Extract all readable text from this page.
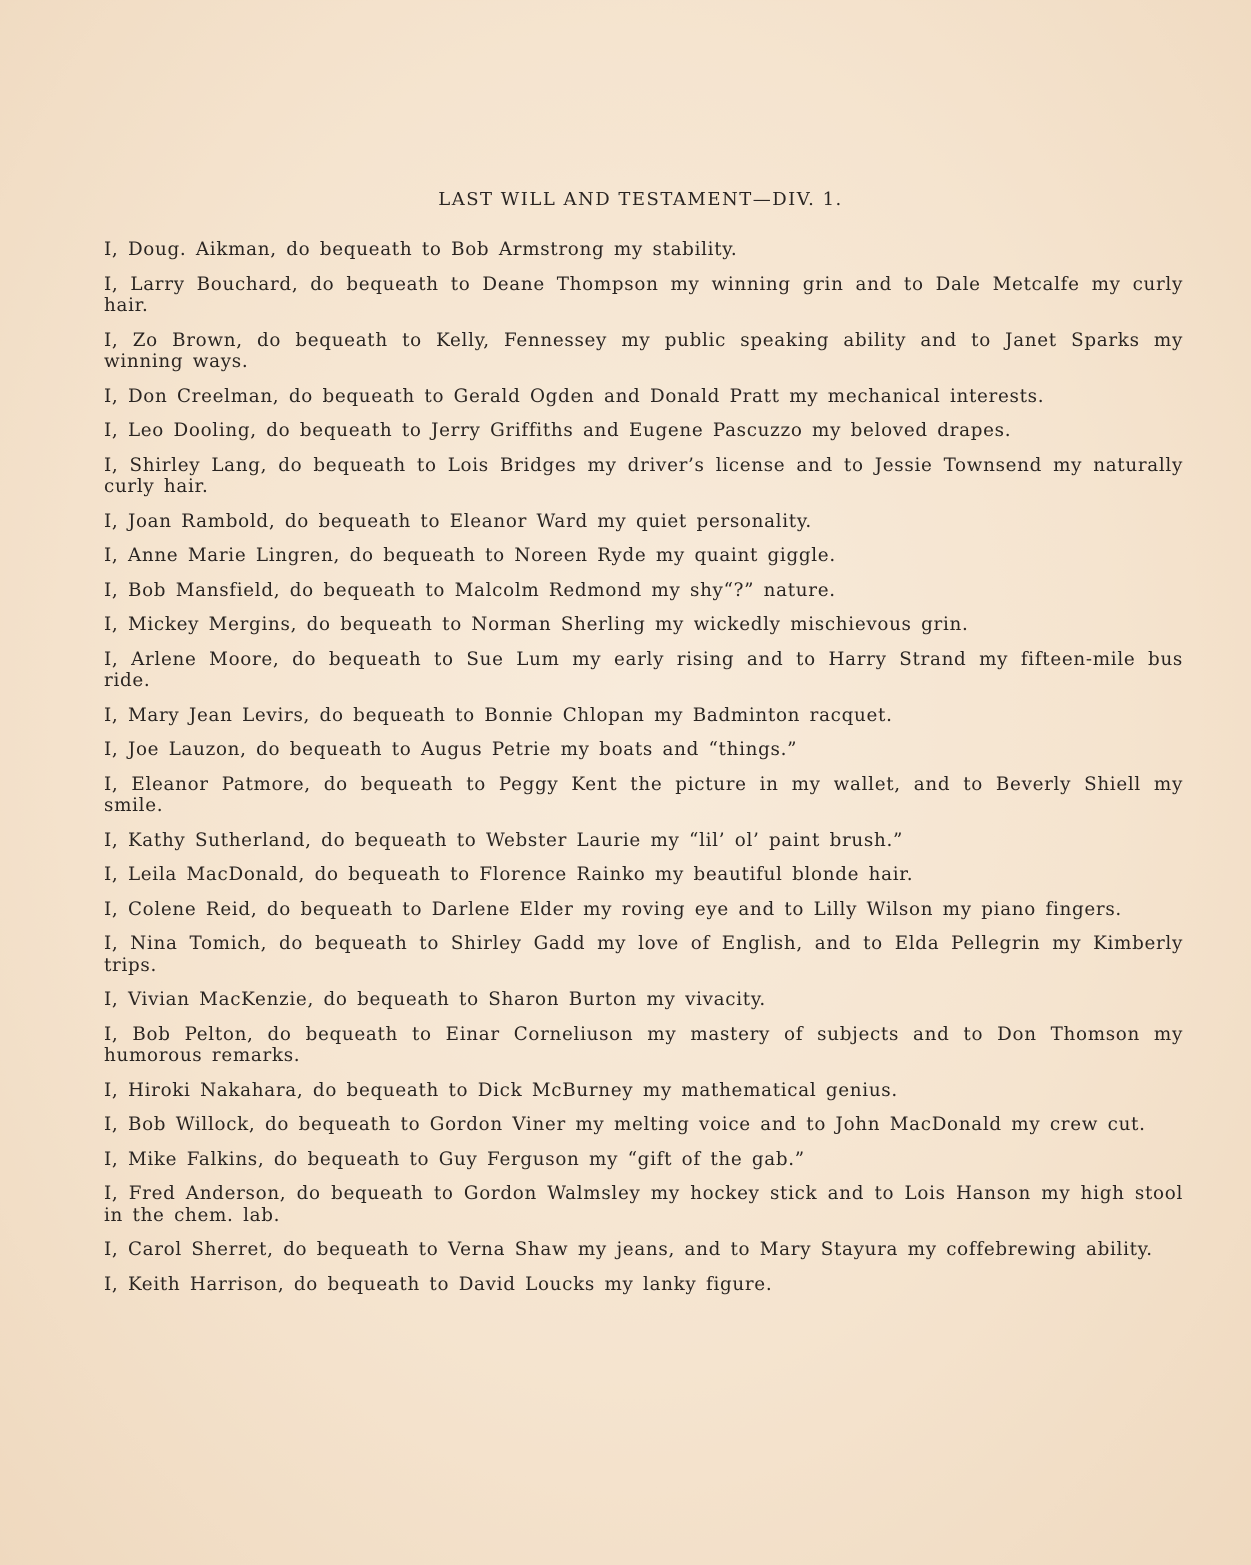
LAST WILL AND TESTAMENT—DIV. 1.
I, Doug. Aikman, do bequeath to Bob Armstrong my stability.
I, Larry Bouchard, do bequeath to Deane Thompson my winning grin and to Dale Metcalfe my curly hair.
I, Zo Brown, do bequeath to Kelly, Fennessey my public speaking ability and to Janet Sparks my winning ways.
I, Don Creelman, do bequeath to Gerald Ogden and Donald Pratt my mechanical interests.
I, Leo Dooling, do bequeath to Jerry Griffiths and Eugene Pascuzzo my beloved drapes.
I, Shirley Lang, do bequeath to Lois Bridges my driver’s license and to Jessie Townsend my naturally curly hair.
I, Joan Rambold, do bequeath to Eleanor Ward my quiet personality.
I, Anne Marie Lingren, do bequeath to Noreen Ryde my quaint giggle.
I, Bob Mansfield, do bequeath to Malcolm Redmond my shy“?” nature.
I, Mickey Mergins, do bequeath to Norman Sherling my wickedly mischievous grin.
I, Arlene Moore, do bequeath to Sue Lum my early rising and to Harry Strand my fifteen-mile bus ride.
I, Mary Jean Levirs, do bequeath to Bonnie Chlopan my Badminton racquet.
I, Joe Lauzon, do bequeath to Augus Petrie my boats and “things.”
I, Eleanor Patmore, do bequeath to Peggy Kent the picture in my wallet, and to Beverly Shiell my smile.
I, Kathy Sutherland, do bequeath to Webster Laurie my “lil’ ol’ paint brush.”
I, Leila MacDonald, do bequeath to Florence Rainko my beautiful blonde hair.
I, Colene Reid, do bequeath to Darlene Elder my roving eye and to Lilly Wilson my piano fingers.
I, Nina Tomich, do bequeath to Shirley Gadd my love of English, and to Elda Pellegrin my Kimberly trips.
I, Vivian MacKenzie, do bequeath to Sharon Burton my vivacity.
I, Bob Pelton, do bequeath to Einar Corneliuson my mastery of subjects and to Don Thomson my humorous remarks.
I, Hiroki Nakahara, do bequeath to Dick McBurney my mathematical genius.
I, Bob Willock, do bequeath to Gordon Viner my melting voice and to John MacDonald my crew cut.
I, Mike Falkins, do bequeath to Guy Ferguson my “gift of the gab.”
I, Fred Anderson, do bequeath to Gordon Walmsley my hockey stick and to Lois Hanson my high stool in the chem. lab.
I, Carol Sherret, do bequeath to Verna Shaw my jeans, and to Mary Stayura my coffebrewing ability.
I, Keith Harrison, do bequeath to David Loucks my lanky figure.
